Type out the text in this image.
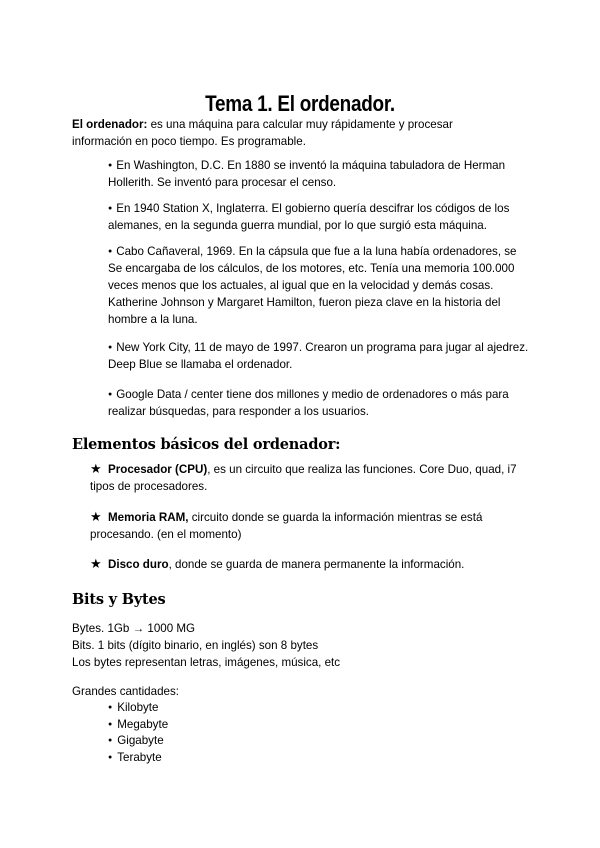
Tema 1. El ordenador.

El ordenador: es una máquina para calcular muy rápidamente y procesar información en poco tiempo. Es programable.

● En Washington, D.C. En 1880 se inventó la máquina tabuladora de Herman Hollerith. Se inventó para procesar el censo.

● En 1940 Station X, Inglaterra. El gobierno quería descifrar los códigos de los alemanes, en la segunda guerra mundial, por lo que surgió esta máquina.

● Cabo Cañaveral, 1969. En la cápsula que fue a la luna había ordenadores, se Se encargaba de los cálculos, de los motores, etc. Tenía una memoria 100.000 veces menos que los actuales, al igual que en la velocidad y demás cosas. Katherine Johnson y Margaret Hamilton, fueron pieza clave en la historia del hombre a la luna.

● New York City, 11 de mayo de 1997. Crearon un programa para jugar al ajedrez. Deep Blue se llamaba el ordenador.

● Google Data / center tiene dos millones y medio de ordenadores o más para realizar búsquedas, para responder a los usuarios.

Elementos básicos del ordenador:
★ Procesador (CPU), es un circuito que realiza las funciones. Core Duo, quad, i7 tipos de procesadores.
★ Memoria RAM, circuito donde se guarda la información mientras se está procesando. (en el momento)
★ Disco duro, donde se guarda de manera permanente la información.
Bits y Bytes
Bytes. 1Gb → 1000 MG
Bits. 1 bits (dígito binario, en inglés) son 8 bytes
Los bytes representan letras, imágenes, música, etc
Grandes cantidades:
● Kilobyte
● Megabyte
● Gigabyte
● Terabyte
